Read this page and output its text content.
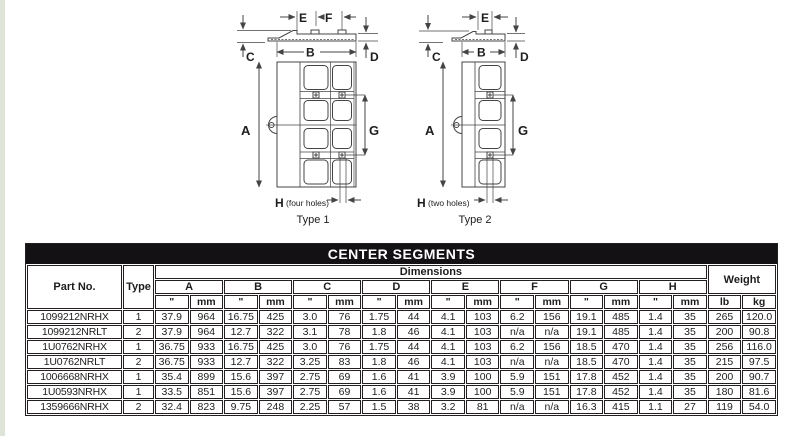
A
B
C	D
E F
G
H (four holes)
Type 1
A
B
C	D
E
G
H (two holes)
Type 2
CENTER SEGMENTS
Part No.	Type	Dimensions																Weight	
		A		B		C		D		E		F		G		H			
		"	mm	"	mm	"	mm	"	mm	"	mm	"	mm	"	mm	"	mm	lb	kg
1099212NRHX	1	37.9	964	16.75	425	3.0	76	1.75	44	4.1	103	6.2	156	19.1	485	1.4	35	265	120.0
1099212NRLT	2	37.9	964	12.7	322	3.1	78	1.8	46	4.1	103	n/a	n/a	19.1	485	1.4	35	200	90.8
1U0762NRHX	1	36.75	933	16.75	425	3.0	76	1.75	44	4.1	103	6.2	156	18.5	470	1.4	35	256	116.0
1U0762NRLT	2	36.75	933	12.7	322	3.25	83	1.8	46	4.1	103	n/a	n/a	18.5	470	1.4	35	215	97.5
1006668NRHX	1	35.4	899	15.6	397	2.75	69	1.6	41	3.9	100	5.9	151	17.8	452	1.4	35	200	90.7
1U0593NRHX	1	33.5	851	15.6	397	2.75	69	1.6	41	3.9	100	5.9	151	17.8	452	1.4	35	180	81.6
1359666NRHX	2	32.4	823	9.75	248	2.25	57	1.5	38	3.2	81	n/a	n/a	16.3	415	1.1	27	119	54.0
